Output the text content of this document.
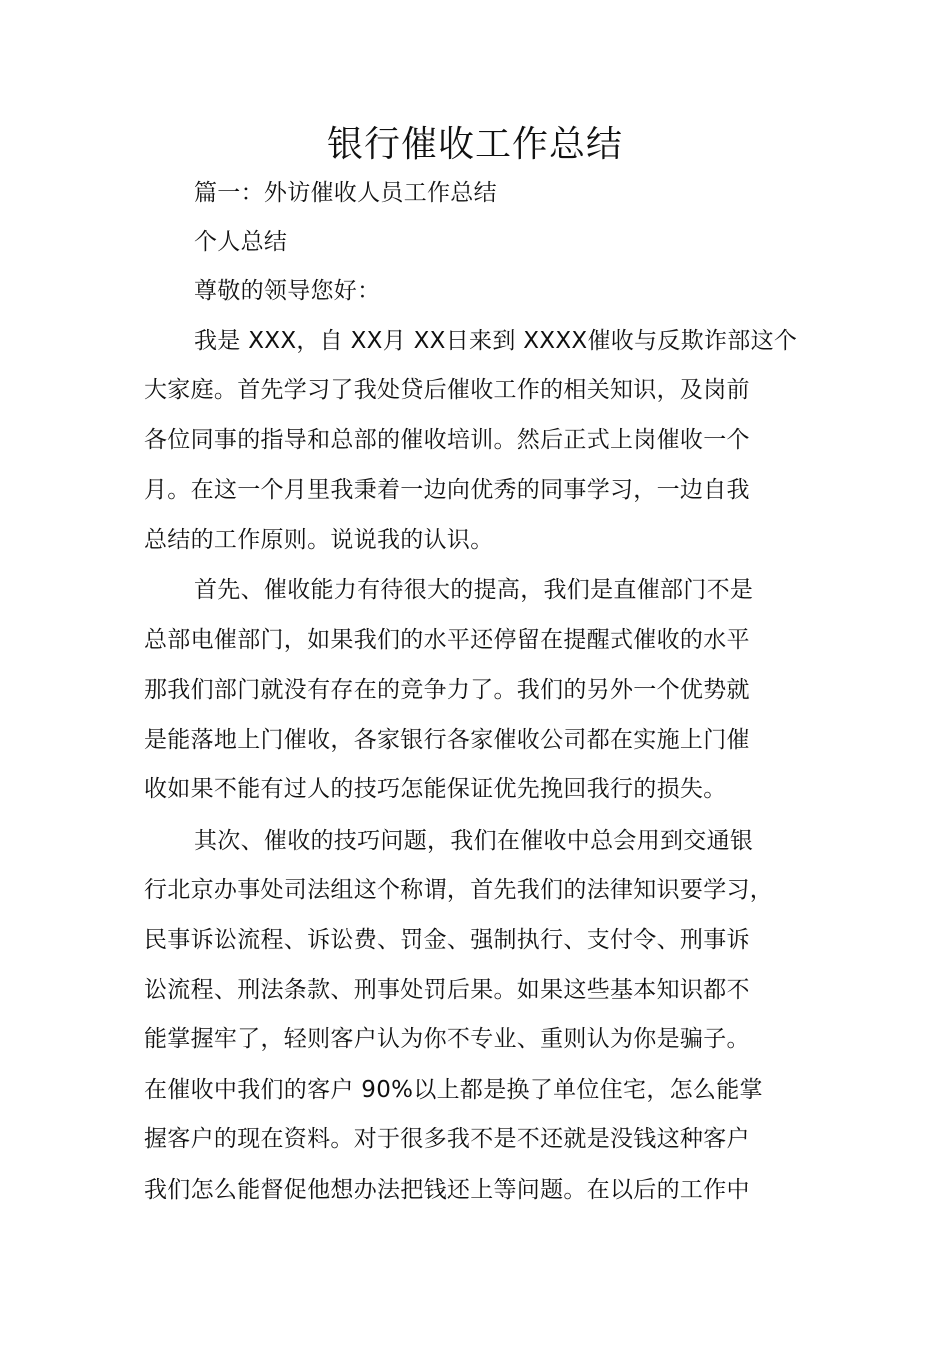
银行催收工作总结
篇一：外访催收人员工作总结
个人总结
尊敬的领导您好：
我是 XXX，自 XX月 XX日来到 XXXX催收与反欺诈部这个
大家庭。首先学习了我处贷后催收工作的相关知识，及岗前
各位同事的指导和总部的催收培训。然后正式上岗催收一个
月。在这一个月里我秉着一边向优秀的同事学习，一边自我
总结的工作原则。说说我的认识。
首先、催收能力有待很大的提高，我们是直催部门不是
总部电催部门，如果我们的水平还停留在提醒式催收的水平
那我们部门就没有存在的竞争力了。我们的另外一个优势就
是能落地上门催收，各家银行各家催收公司都在实施上门催
收如果不能有过人的技巧怎能保证优先挽回我行的损失。
其次、催收的技巧问题，我们在催收中总会用到交通银
行北京办事处司法组这个称谓，首先我们的法律知识要学习，
民事诉讼流程、诉讼费、罚金、强制执行、支付令、刑事诉
讼流程、刑法条款、刑事处罚后果。如果这些基本知识都不
能掌握牢了，轻则客户认为你不专业、重则认为你是骗子。
在催收中我们的客户 90%以上都是换了单位住宅，怎么能掌
握客户的现在资料。对于很多我不是不还就是没钱这种客户
我们怎么能督促他想办法把钱还上等问题。在以后的工作中
